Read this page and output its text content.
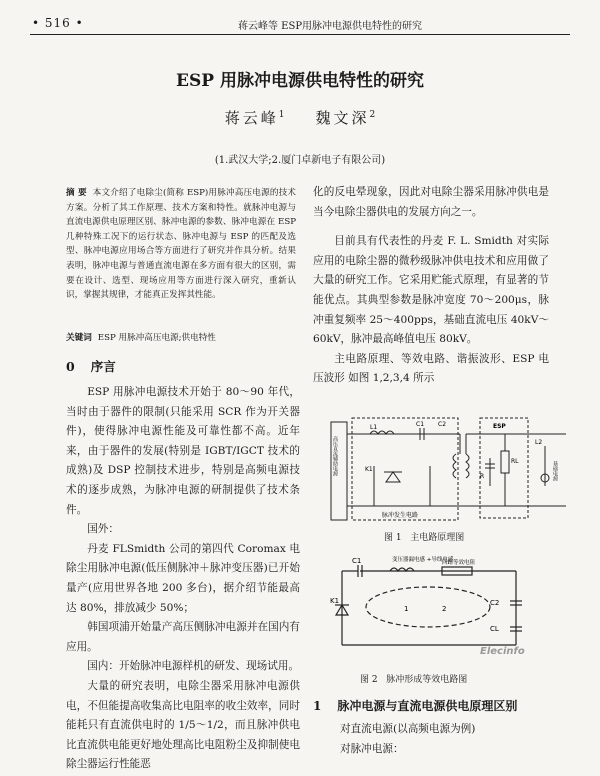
• 516 •	蒋云峰等 ESP用脉冲电源供电特性的研究
ESP 用脉冲电源供电特性的研究
蒋云峰$^1$ 魏文深$^2$
(1.武汉大学;2.厦门卓新电子有限公司)
摘 要 本文介绍了电除尘(简称 ESP)用脉冲高压电源的技术方案。分析了其工作原理、技术方案和特性。就脉冲电源与直流电源供电原理区别、脉冲电源的参数、脉冲电源在 ESP 几种特殊工况下的运行状态、脉冲电源与 ESP 的匹配及选型、脉冲电源应用场合等方面进行了研究并作具分析。结果表明，脉冲电源与普通直流电源在多方面有很大的区别，需要在设计、选型、现场应用等方面进行深入研究，重新认识，掌握其规律，才能真正发挥其性能。
关键词 ESP 用脉冲高压电源;供电特性
0 序言

ESP 用脉冲电源技术开始于 80～90 年代，当时由于器件的限制(只能采用 SCR 作为开关器件)，使得脉冲电源性能及可靠性都不高。近年来，由于器件的发展(特别是 IGBT/IGCT 技术的成熟)及 DSP 控制技术进步，特别是高频电源技术的逐步成熟，为脉冲电源的研制提供了技术条件。

国外：

丹麦 FLSmidth 公司的第四代 Coromax 电除尘用脉冲电源(低压侧脉冲＋脉冲变压器)已开始量产(应用世界各地 200 多台)，据介绍节能最高达 80%，排放减少 50%；

韩国项浦开始量产高压侧脉冲电源并在国内有应用。

国内：开始脉冲电源样机的研发、现场试用。

大量的研究表明，电除尘器采用脉冲电源供电，不但能提高收集高比电阻率的收尘效率，同时能耗只有直流供电时的 1/5～1/2，而且脉冲供电比直流供电能更好地处理高比电阻粉尘及抑制使电除尘器运行性能恶

化的反电晕现象，因此对电除尘器采用脉冲供电是当今电除尘器供电的发展方向之一。

目前具有代表性的丹麦 F. L. Smidth 对实际应用的电除尘器的微秒级脉冲供电技术和应用做了大量的研究工作。它采用贮能式原理，有显著的节能优点。其典型参数是脉冲宽度 70～200μs，脉冲重复频率 25～400pps，基础直流电压 40kV～60kV，脉冲最高峰值电压 80kV。

主电路原理、等效电路、谐振波形、ESP 电压波形 如图 1,2,3,4 所示

高压直流辅助电源
L1	C1 C2
K1
ESP
RL
R
L2
基础电源
脉冲发生电路
图 1 主电路原理图
C1	变压器漏电感 +导线电感
回路等效电阻
C2
CL
K1
1	2
Elecinfo
图 2 脉冲形成等效电路图
1 脉冲电源与直流电源供电原理区别
对直流电源(以高频电源为例)
对脉冲电源：
